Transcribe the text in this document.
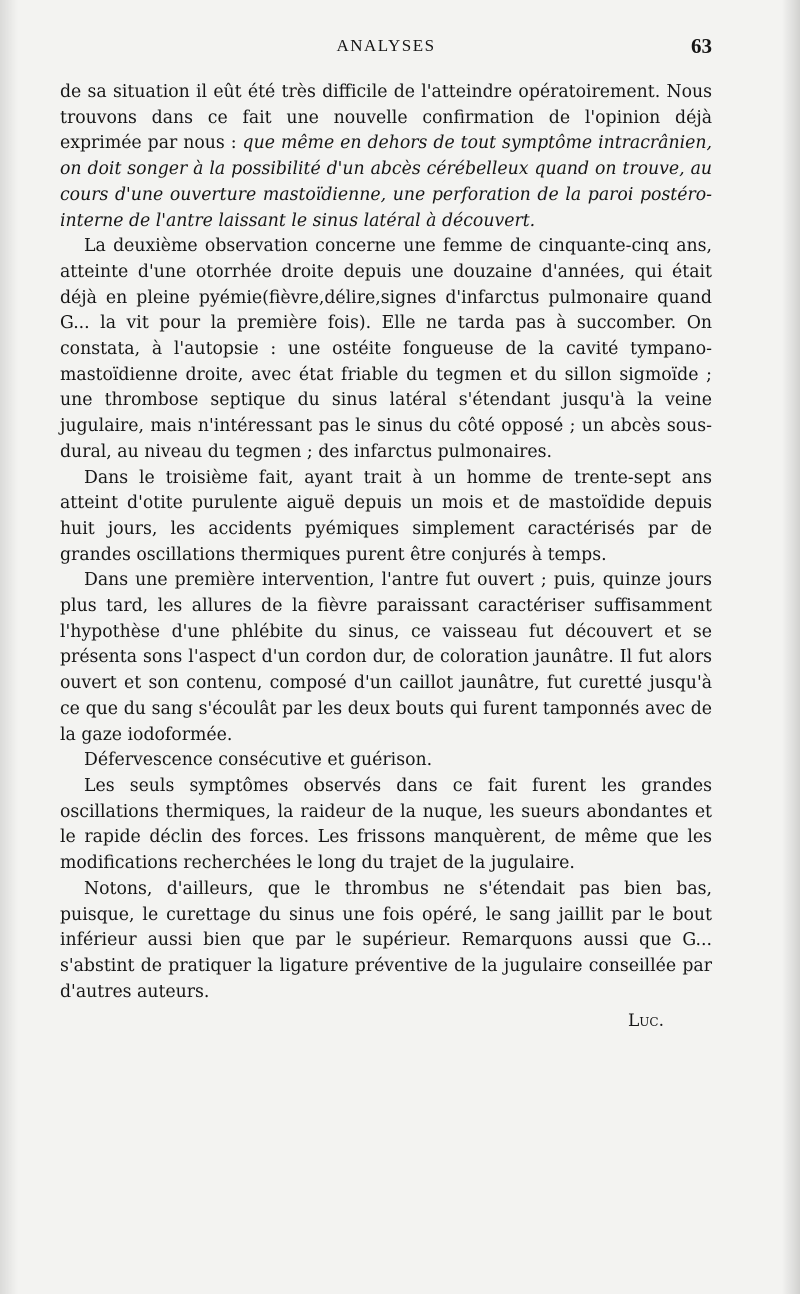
ANALYSES	63

de sa situation il eût été très difficile de l'atteindre opératoirement. Nous trouvons dans ce fait une nouvelle confirmation de l'opinion déjà exprimée par nous : que même en dehors de tout symptôme intracrânien, on doit songer à la possibilité d'un abcès cérébelleux quand on trouve, au cours d'une ouverture mastoïdienne, une perforation de la paroi postéro-interne de l'antre laissant le sinus latéral à découvert.

La deuxième observation concerne une femme de cinquante-cinq ans, atteinte d'une otorrhée droite depuis une douzaine d'années, qui était déjà en pleine pyémie(fièvre,délire,signes d'infarctus pulmonaire quand G... la vit pour la première fois). Elle ne tarda pas à succomber. On constata, à l'autopsie : une ostéite fongueuse de la cavité tympano-mastoïdienne droite, avec état friable du tegmen et du sillon sigmoïde ; une thrombose septique du sinus latéral s'étendant jusqu'à la veine jugulaire, mais n'intéressant pas le sinus du côté opposé ; un abcès sous-dural, au niveau du tegmen ; des infarctus pulmonaires.

Dans le troisième fait, ayant trait à un homme de trente-sept ans atteint d'otite purulente aiguë depuis un mois et de mastoïdide depuis huit jours, les accidents pyémiques simplement caractérisés par de grandes oscillations thermiques purent être conjurés à temps.

Dans une première intervention, l'antre fut ouvert ; puis, quinze jours plus tard, les allures de la fièvre paraissant caractériser suffisamment l'hypothèse d'une phlébite du sinus, ce vaisseau fut découvert et se présenta sons l'aspect d'un cordon dur, de coloration jaunâtre. Il fut alors ouvert et son contenu, composé d'un caillot jaunâtre, fut curetté jusqu'à ce que du sang s'écoulât par les deux bouts qui furent tamponnés avec de la gaze iodoformée.

Défervescence consécutive et guérison.

Les seuls symptômes observés dans ce fait furent les grandes oscillations thermiques, la raideur de la nuque, les sueurs abondantes et le rapide déclin des forces. Les frissons manquèrent, de même que les modifications recherchées le long du trajet de la jugulaire.

Notons, d'ailleurs, que le thrombus ne s'étendait pas bien bas, puisque, le curettage du sinus une fois opéré, le sang jaillit par le bout inférieur aussi bien que par le supérieur. Remarquons aussi que G... s'abstint de pratiquer la ligature préventive de la jugulaire conseillée par d'autres auteurs.

Luc.
